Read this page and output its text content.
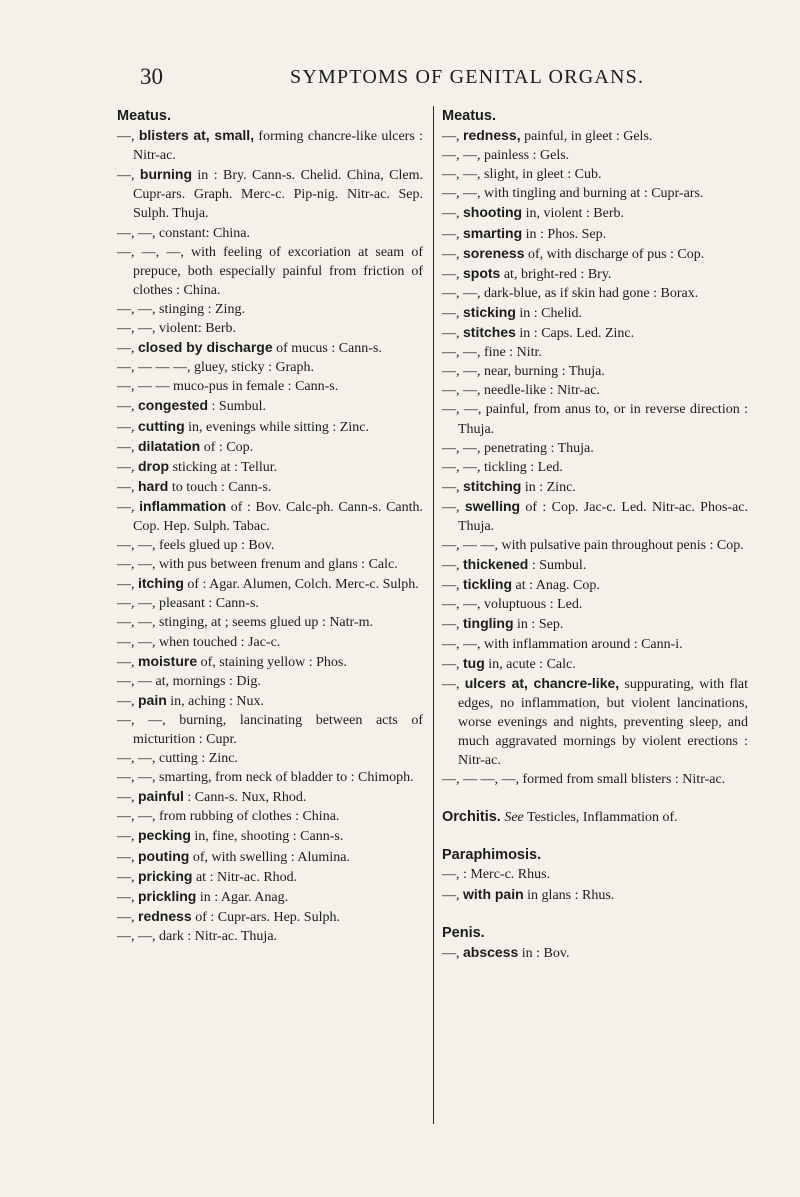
30	SYMPTOMS OF GENITAL ORGANS.
Meatus.
—, blisters at, small, forming chancre-like ulcers : Nitr-ac.
—, burning in : Bry. Cann-s. Chelid. China, Clem. Cupr-ars. Graph. Merc-c. Pip-nig. Nitr-ac. Sep. Sulph. Thuja.
—, —, constant: China.
—, —, —, with feeling of excoriation at seam of prepuce, both especially painful from friction of clothes : China.
—, —, stinging : Zing.
—, —, violent: Berb.
—, closed by discharge of mucus : Cann-s.
—, — — —, gluey, sticky : Graph.
—, — — muco-pus in female : Cann-s.
—, congested : Sumbul.
—, cutting in, evenings while sitting : Zinc.
—, dilatation of : Cop.
—, drop sticking at : Tellur.
—, hard to touch : Cann-s.
—, inflammation of : Bov. Calc-ph. Cann-s. Canth. Cop. Hep. Sulph. Tabac.
—, —, feels glued up : Bov.
—, —, with pus between frenum and glans : Calc.
—, itching of : Agar. Alumen, Colch. Merc-c. Sulph.
—, —, pleasant : Cann-s.
—, —, stinging, at ; seems glued up : Natr-m.
—, —, when touched : Jac-c.
—, moisture of, staining yellow : Phos.
—, — at, mornings : Dig.
—, pain in, aching : Nux.
—, —, burning, lancinating between acts of micturition : Cupr.
—, —, cutting : Zinc.
—, —, smarting, from neck of bladder to : Chimoph.
—, painful : Cann-s. Nux, Rhod.
—, —, from rubbing of clothes : China.
—, pecking in, fine, shooting : Cann-s.
—, pouting of, with swelling : Alumina.
—, pricking at : Nitr-ac. Rhod.
—, prickling in : Agar. Anag.
—, redness of : Cupr-ars. Hep. Sulph.
—, —, dark : Nitr-ac. Thuja.
Meatus.
—, redness, painful, in gleet : Gels.
—, —, painless : Gels.
—, —, slight, in gleet : Cub.
—, —, with tingling and burning at : Cupr-ars.
—, shooting in, violent : Berb.
—, smarting in : Phos. Sep.
—, soreness of, with discharge of pus : Cop.
—, spots at, bright-red : Bry.
—, —, dark-blue, as if skin had gone : Borax.
—, sticking in : Chelid.
—, stitches in : Caps. Led. Zinc.
—, —, fine : Nitr.
—, —, near, burning : Thuja.
—, —, needle-like : Nitr-ac.
—, —, painful, from anus to, or in reverse direction : Thuja.
—, —, penetrating : Thuja.
—, —, tickling : Led.
—, stitching in : Zinc.
—, swelling of : Cop. Jac-c. Led. Nitr-ac. Phos-ac. Thuja.
—, — —, with pulsative pain throughout penis : Cop.
—, thickened : Sumbul.
—, tickling at : Anag. Cop.
—, —, voluptuous : Led.
—, tingling in : Sep.
—, —, with inflammation around : Cann-i.
—, tug in, acute : Calc.
—, ulcers at, chancre-like, suppurating, with flat edges, no inflammation, but violent lancinations, worse evenings and nights, preventing sleep, and much aggravated mornings by violent erections : Nitr-ac.
—, — —, —, formed from small blisters : Nitr-ac.
Orchitis. See Testicles, Inflammation of.
Paraphimosis.
—, : Merc-c. Rhus.
—, with pain in glans : Rhus.
Penis.
—, abscess in : Bov.
